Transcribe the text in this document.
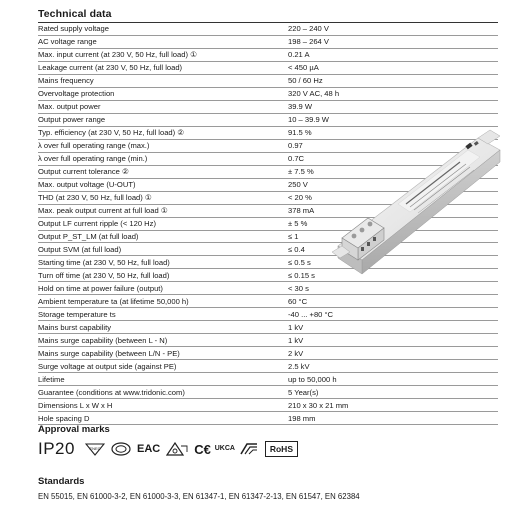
Technical data
Rated supply voltage	220 – 240 V
AC voltage range	198 – 264 V
Max. input current (at 230 V, 50 Hz, full load) ①	0.21 A
Leakage current (at 230 V, 50 Hz, full load)	< 450 µA
Mains frequency	50 / 60 Hz
Overvoltage protection	320 V AC, 48 h
Max. output power	39.9 W
Output power range	10 – 39.9 W
Typ. efficiency (at 230 V, 50 Hz, full load) ②	91.5 %
λ over full operating range (max.)	0.97
λ over full operating range (min.)	0.7C
Output current tolerance ②	± 7.5 %
Max. output voltage (U-OUT)	250 V
THD (at 230 V, 50 Hz, full load) ①	< 20 %
Max. peak output current at full load ①	378 mA
Output LF current ripple (< 120 Hz)	± 5 %
Output P_ST_LM (at full load)	≤ 1
Output SVM (at full load)	≤ 0.4
Starting time (at 230 V, 50 Hz, full load)	≤ 0.5 s
Turn off time (at 230 V, 50 Hz, full load)	≤ 0.15 s
Hold on time at power failure (output)	< 30 s
Ambient temperature ta (at lifetime 50,000 h)	60 °C
Storage temperature ts	-40 ... +80 °C
Mains burst capability	1 kV
Mains surge capability (between L - N)	1 kV
Mains surge capability (between L/N - PE)	2 kV
Surge voltage at output side (against PE)	2.5 kV
Lifetime	up to 50,000 h
Guarantee (conditions at www.tridonic.com)	5 Year(s)
Dimensions L x W x H	210 x 30 x 21 mm
Hole spacing D	198 mm
Approval marks
IP20	ENEC	EAC	C€ UKCA	RoHS
Standards
EN 55015, EN 61000-3-2, EN 61000-3-3, EN 61347-1, EN 61347-2-13, EN 61547, EN 62384
